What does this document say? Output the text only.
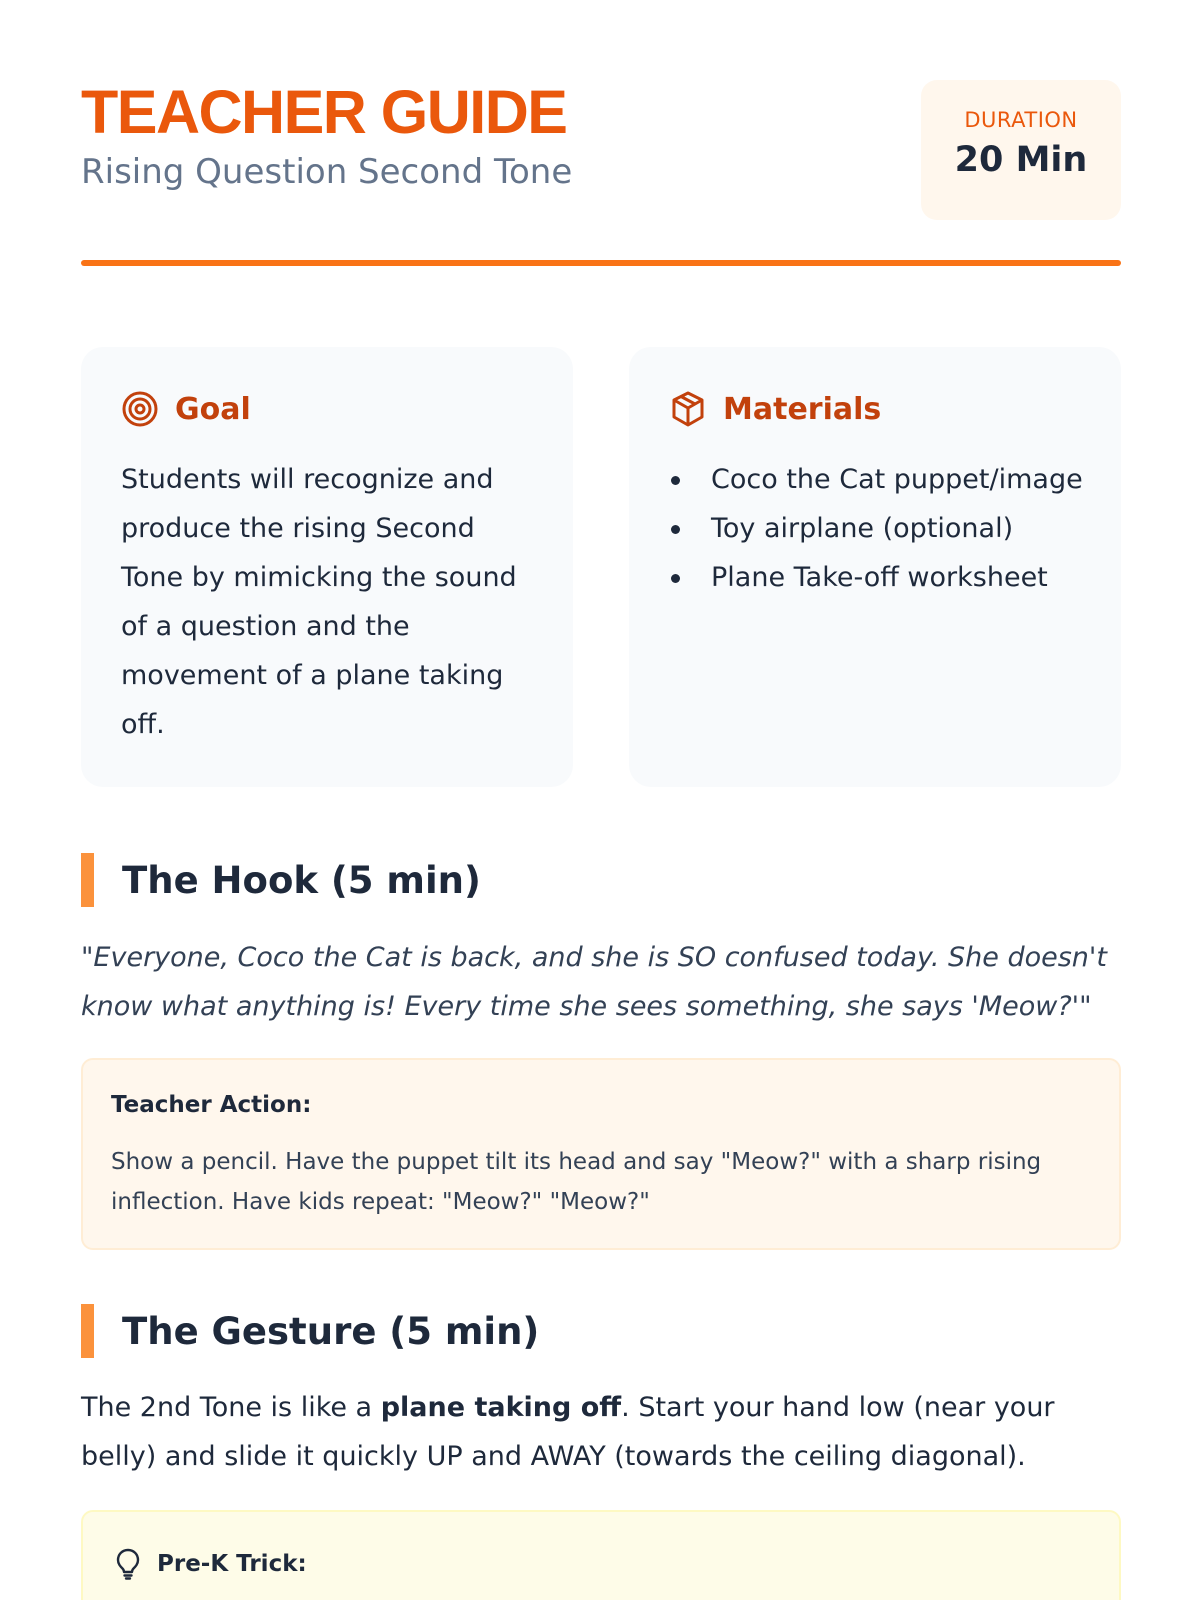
TEACHER GUIDE
Rising Question Second Tone
DURATION
20 Min
Goal

Students will recognize and produce the rising Second Tone by mimicking the sound of a question and the movement of a plane taking off.

Materials
Coco the Cat puppet/image
Toy airplane (optional)
Plane Take-off worksheet
The Hook (5 min)

"Everyone, Coco the Cat is back, and she is SO confused today. She doesn't know what anything is! Every time she sees something, she says 'Meow?'"

Teacher Action:

Show a pencil. Have the puppet tilt its head and say "Meow?" with a sharp rising inflection. Have kids repeat: "Meow?" "Meow?"

The Gesture (5 min)

The 2nd Tone is like a plane taking off. Start your hand low (near your belly) and slide it quickly UP and AWAY (towards the ceiling diagonal).

Pre-K Trick:
